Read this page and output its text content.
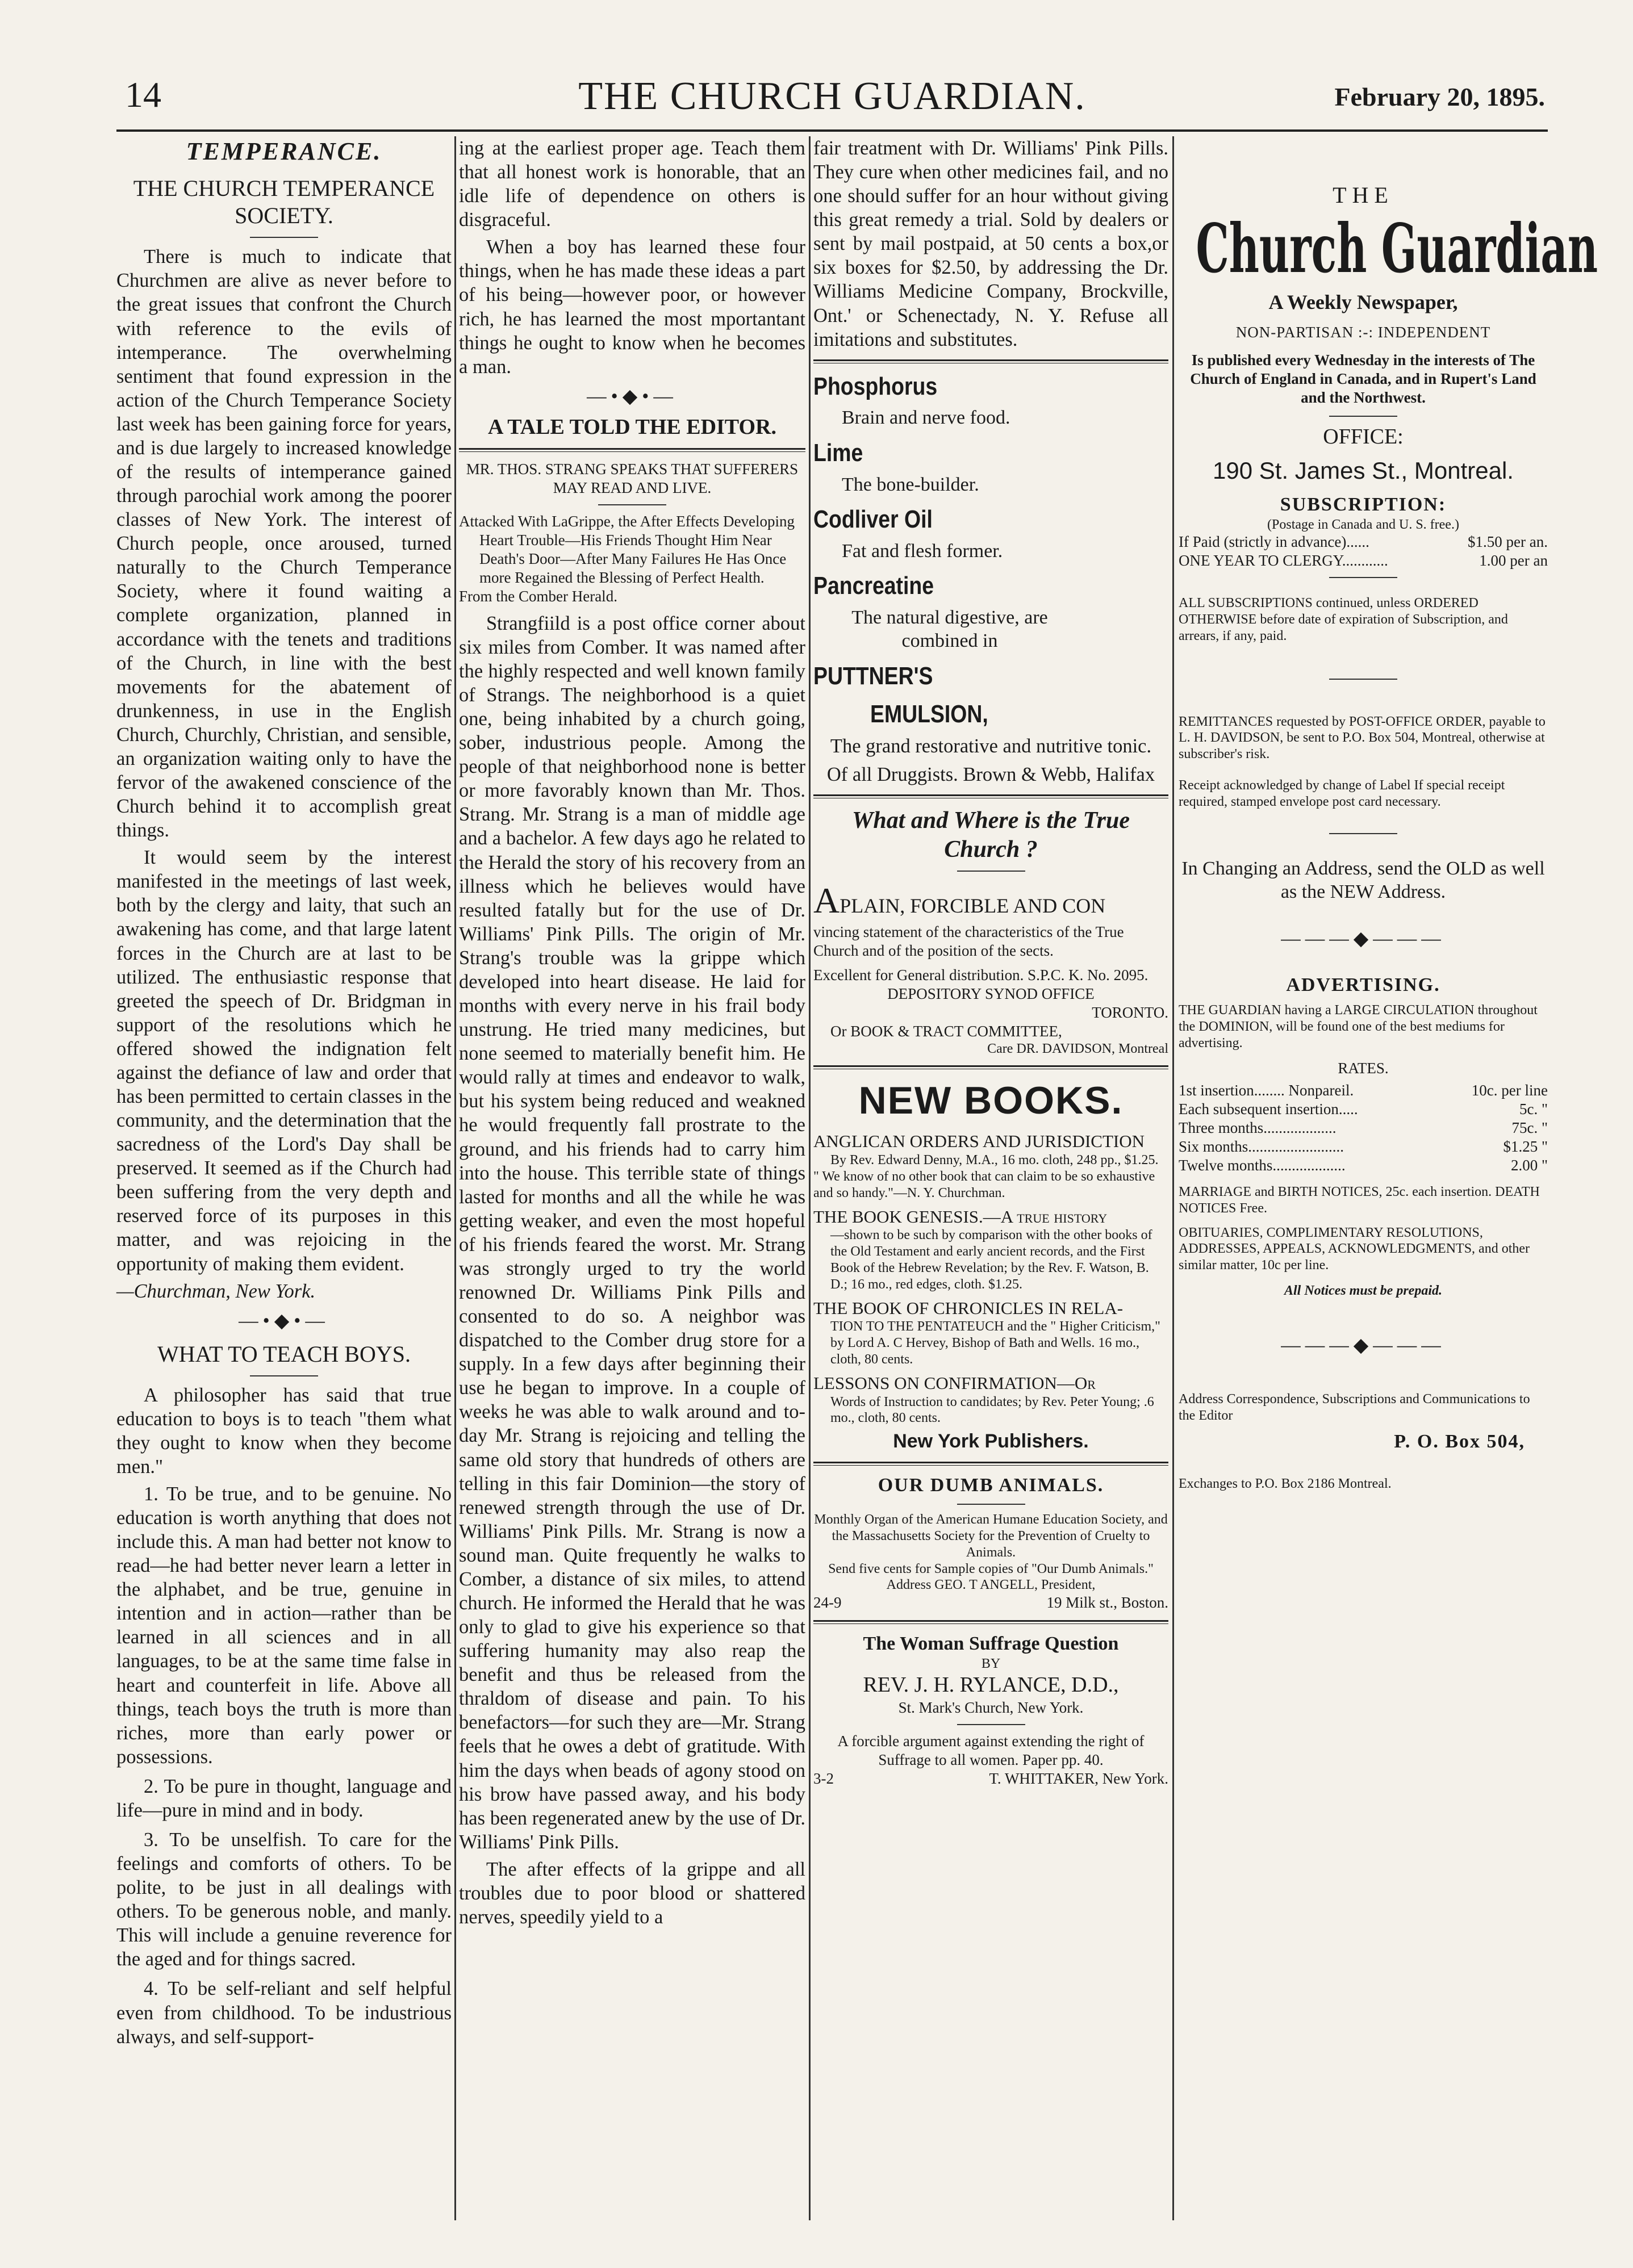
14	THE CHURCH GUARDIAN.	February 20, 1895.
TEMPERANCE.
THE CHURCH TEMPERANCE SOCIETY.

There is much to indicate that Churchmen are alive as never before to the great issues that confront the Church with reference to the evils of intemperance. The overwhelming sentiment that found expression in the action of the Church Temperance Society last week has been gaining force for years, and is due largely to increased knowledge of the results of intemperance gained through parochial work among the poorer classes of New York. The interest of Church people, once aroused, turned naturally to the Church Temperance Society, where it found waiting a complete organization, planned in accordance with the tenets and traditions of the Church, in line with the best movements for the abatement of drunkenness, in use in the English Church, Churchly, Christian, and sensible, an organization waiting only to have the fervor of the awakened conscience of the Church behind it to accomplish great things.

It would seem by the interest manifested in the meetings of last week, both by the clergy and laity, that such an awakening has come, and that large latent forces in the Church are at last to be utilized. The enthusiastic response that greeted the speech of Dr. Bridgman in support of the resolutions which he offered showed the indignation felt against the defiance of law and order that has been permitted to certain classes in the community, and the determination that the sacredness of the Lord's Day shall be preserved. It seemed as if the Church had been suffering from the very depth and reserved force of its purposes in this matter, and was rejoicing in the opportunity of making them evident.

—Churchman, New York.

—•◆•—
WHAT TO TEACH BOYS.

A philosopher has said that true education to boys is to teach "them what they ought to know when they become men."

1. To be true, and to be genuine. No education is worth anything that does not include this. A man had better not know to read—he had better never learn a letter in the alphabet, and be true, genuine in intention and in action—rather than be learned in all sciences and in all languages, to be at the same time false in heart and counterfeit in life. Above all things, teach boys the truth is more than riches, more than early power or possessions.

2. To be pure in thought, language and life—pure in mind and in body.

3. To be unselfish. To care for the feelings and comforts of others. To be polite, to be just in all dealings with others. To be generous noble, and manly. This will include a genuine reverence for the aged and for things sacred.

4. To be self-reliant and self helpful even from childhood. To be industrious always, and self-support-

ing at the earliest proper age. Teach them that all honest work is honorable, that an idle life of dependence on others is disgraceful.

When a boy has learned these four things, when he has made these ideas a part of his being—however poor, or however rich, he has learned the most mportantant things he ought to know when he becomes a man.

—•◆•—
A TALE TOLD THE EDITOR.
MR. THOS. STRANG SPEAKS THAT SUFFERERS MAY READ AND LIVE.
Attacked With LaGrippe, the After Effects Developing Heart Trouble—His Friends Thought Him Near Death's Door—After Many Failures He Has Once more Regained the Blessing of Perfect Health.
From the Comber Herald.

Strangfiild is a post office corner about six miles from Comber. It was named after the highly respected and well known family of Strangs. The neighborhood is a quiet one, being inhabited by a church going, sober, industrious people. Among the people of that neighborhood none is better or more favorably known than Mr. Thos. Strang. Mr. Strang is a man of middle age and a bachelor. A few days ago he related to the Herald the story of his recovery from an illness which he believes would have resulted fatally but for the use of Dr. Williams' Pink Pills. The origin of Mr. Strang's trouble was la grippe which developed into heart disease. He laid for months with every nerve in his frail body unstrung. He tried many medicines, but none seemed to materially benefit him. He would rally at times and endeavor to walk, but his system being reduced and weakned he would frequently fall prostrate to the ground, and his friends had to carry him into the house. This terrible state of things lasted for months and all the while he was getting weaker, and even the most hopeful of his friends feared the worst. Mr. Strang was strongly urged to try the world renowned Dr. Williams Pink Pills and consented to do so. A neighbor was dispatched to the Comber drug store for a supply. In a few days after beginning their use he began to improve. In a couple of weeks he was able to walk around and to-day Mr. Strang is rejoicing and telling the same old story that hundreds of others are telling in this fair Dominion—the story of renewed strength through the use of Dr. Williams' Pink Pills. Mr. Strang is now a sound man. Quite frequently he walks to Comber, a distance of six miles, to attend church. He informed the Herald that he was only to glad to give his experience so that suffering humanity may also reap the benefit and thus be released from the thraldom of disease and pain. To his benefactors—for such they are—Mr. Strang feels that he owes a debt of gratitude. With him the days when beads of agony stood on his brow have passed away, and his body has been regenerated anew by the use of Dr. Williams' Pink Pills.

The after effects of la grippe and all troubles due to poor blood or shattered nerves, speedily yield to a

fair treatment with Dr. Williams' Pink Pills. They cure when other medicines fail, and no one should suffer for an hour without giving this great remedy a trial. Sold by dealers or sent by mail postpaid, at 50 cents a box,or six boxes for $2.50, by addressing the Dr. Williams Medicine Company, Brockville, Ont.' or Schenectady, N. Y. Refuse all imitations and substitutes.

Phosphorus
Brain and nerve food.
Lime
The bone-builder.
Codliver Oil
Fat and flesh former.
Pancreatine
The natural digestive, are combined in
PUTTNER'S
EMULSION,
The grand restorative and nutritive tonic.
Of all Druggists. Brown & Webb, Halifax
What and Where is the True Church ?
APLAIN, FORCIBLE AND CON
vincing statement of the characteristics of the True Church and of the position of the sects.
Excellent for General distribution. S.P.C. K. No. 2095.
DEPOSITORY SYNOD OFFICE
TORONTO.
Or BOOK & TRACT COMMITTEE,
Care DR. DAVIDSON, Montreal
NEW BOOKS.
ANGLICAN ORDERS AND JURISDICTION
By Rev. Edward Denny, M.A., 16 mo. cloth, 248 pp., $1.25.
" We know of no other book that can claim to be so exhaustive and so handy."—N. Y. Churchman.
THE BOOK GENESIS.—A true history
—shown to be such by comparison with the other books of the Old Testament and early ancient records, and the First Book of the Hebrew Revelation; by the Rev. F. Watson, B. D.; 16 mo., red edges, cloth. $1.25.
THE BOOK OF CHRONICLES IN RELA-
TION TO THE PENTATEUCH and the " Higher Criticism," by Lord A. C Hervey, Bishop of Bath and Wells. 16 mo., cloth, 80 cents.
LESSONS ON CONFIRMATION—Or
Words of Instruction to candidates; by Rev. Peter Young; .6 mo., cloth, 80 cents.
New York Publishers.
OUR DUMB ANIMALS.
Monthly Organ of the American Humane Education Society, and the Massachusetts Society for the Prevention of Cruelty to Animals.
Send five cents for Sample copies of "Our Dumb Animals."
Address GEO. T ANGELL, President,
24-9	19 Milk st., Boston.
The Woman Suffrage Question
BY
REV. J. H. RYLANCE, D.D.,
St. Mark's Church, New York.
A forcible argument against extending the right of Suffrage to all women. Paper pp. 40.
3-2	T. WHITTAKER, New York.
THE
Church Guardian
A Weekly Newspaper,
NON-PARTISAN :-: INDEPENDENT
Is published every Wednesday in the interests of The Church of England in Canada, and in Rupert's Land and the Northwest.
OFFICE:
190 St. James St., Montreal.
SUBSCRIPTION:
(Postage in Canada and U. S. free.)
If Paid (strictly in advance)......	$1.50 per an.
ONE YEAR TO CLERGY............	1.00 per an
ALL SUBSCRIPTIONS continued, unless ORDERED OTHERWISE before date of expiration of Subscription, and arrears, if any, paid.
REMITTANCES requested by POST-OFFICE ORDER, payable to L. H. DAVIDSON, be sent to P.O. Box 504, Montreal, otherwise at subscriber's risk.
Receipt acknowledged by change of Label If special receipt required, stamped envelope post card necessary.
In Changing an Address, send the OLD as well as the NEW Address.
———◆———
ADVERTISING.
THE GUARDIAN having a LARGE CIRCULATION throughout the DOMINION, will be found one of the best mediums for advertising.
RATES.
1st insertion........ Nonpareil.	10c. per line
Each subsequent insertion.....	5c. "
Three months...................	75c. "
Six months.........................	$1.25 "
Twelve months...................	2.00 "
MARRIAGE and BIRTH NOTICES, 25c. each insertion. DEATH NOTICES Free.
OBITUARIES, COMPLIMENTARY RESOLUTIONS, ADDRESSES, APPEALS, ACKNOWLEDGMENTS, and other similar matter, 10c per line.
All Notices must be prepaid.
———◆———
Address Correspondence, Subscriptions and Communications to the Editor
P. O. Box 504,
Exchanges to P.O. Box 2186 Montreal.
